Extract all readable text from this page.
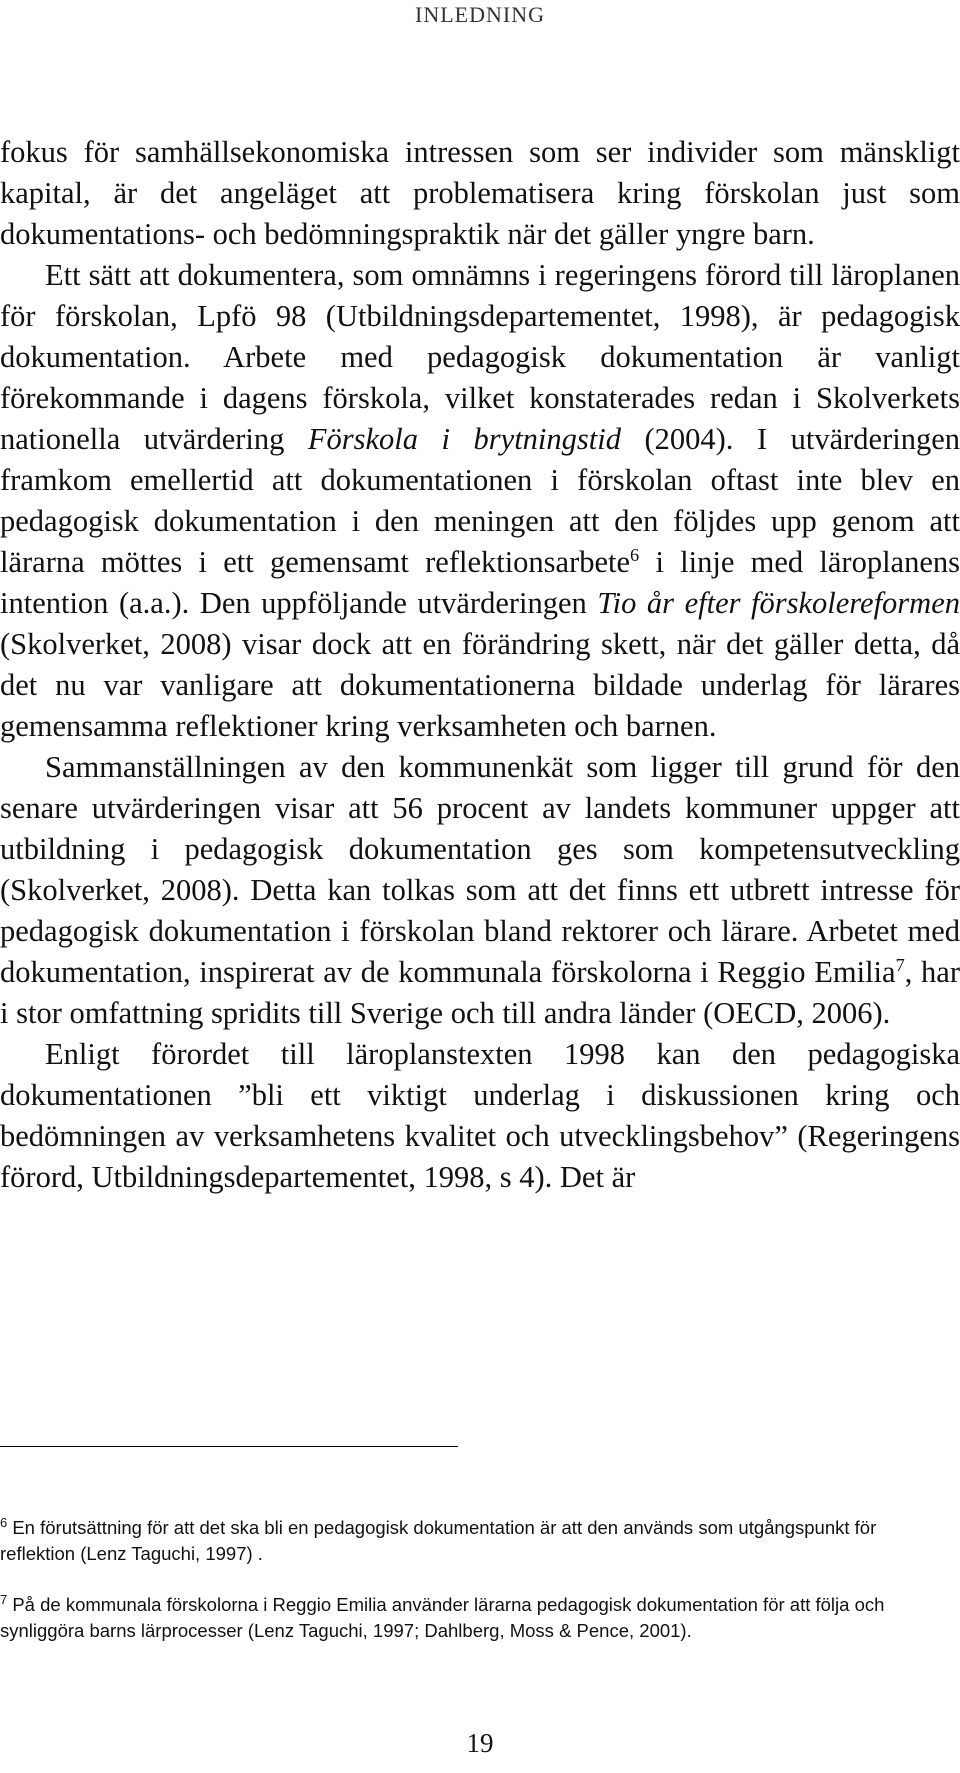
INLEDNING

fokus för samhällsekonomiska intressen som ser individer som mänskligt kapital, är det angeläget att problematisera kring förskolan just som dokumentations- och bedömningspraktik när det gäller yngre barn.

Ett sätt att dokumentera, som omnämns i regeringens förord till läroplanen för förskolan, Lpfö 98 (Utbildningsdepartementet, 1998), är pedagogisk dokumentation. Arbete med pedagogisk dokumentation är vanligt förekommande i dagens förskola, vilket konstaterades redan i Skolverkets nationella utvärdering Förskola i brytningstid (2004). I utvärderingen framkom emellertid att dokumentationen i förskolan oftast inte blev en pedagogisk dokumentation i den meningen att den följdes upp genom att lärarna möttes i ett gemensamt reflektionsarbete$^6$ i linje med läroplanens intention (a.a.). Den uppföljande utvärderingen Tio år efter förskolereformen (Skolverket, 2008) visar dock att en förändring skett, när det gäller detta, då det nu var vanligare att dokumentationerna bildade underlag för lärares gemensamma reflektioner kring verksamheten och barnen.

Sammanställningen av den kommunenkät som ligger till grund för den senare utvärderingen visar att 56 procent av landets kommuner uppger att utbildning i pedagogisk dokumentation ges som kompetensutveckling (Skolverket, 2008). Detta kan tolkas som att det finns ett utbrett intresse för pedagogisk dokumentation i förskolan bland rektorer och lärare. Arbetet med dokumentation, inspirerat av de kommunala förskolorna i Reggio Emilia$^7$, har i stor omfattning spridits till Sverige och till andra länder (OECD, 2006).

Enligt förordet till läroplanstexten 1998 kan den pedagogiska dokumentationen ”bli ett viktigt underlag i diskussionen kring och bedömningen av verksamhetens kvalitet och utvecklingsbehov” (Regeringens förord, Utbildningsdepartementet, 1998, s 4). Det är

$^6$ En förutsättning för att det ska bli en pedagogisk dokumentation är att den används som utgångspunkt för reflektion (Lenz Taguchi, 1997) .

$^7$ På de kommunala förskolorna i Reggio Emilia använder lärarna pedagogisk dokumentation för att följa och synliggöra barns lärprocesser (Lenz Taguchi, 1997; Dahlberg, Moss & Pence, 2001).

19
